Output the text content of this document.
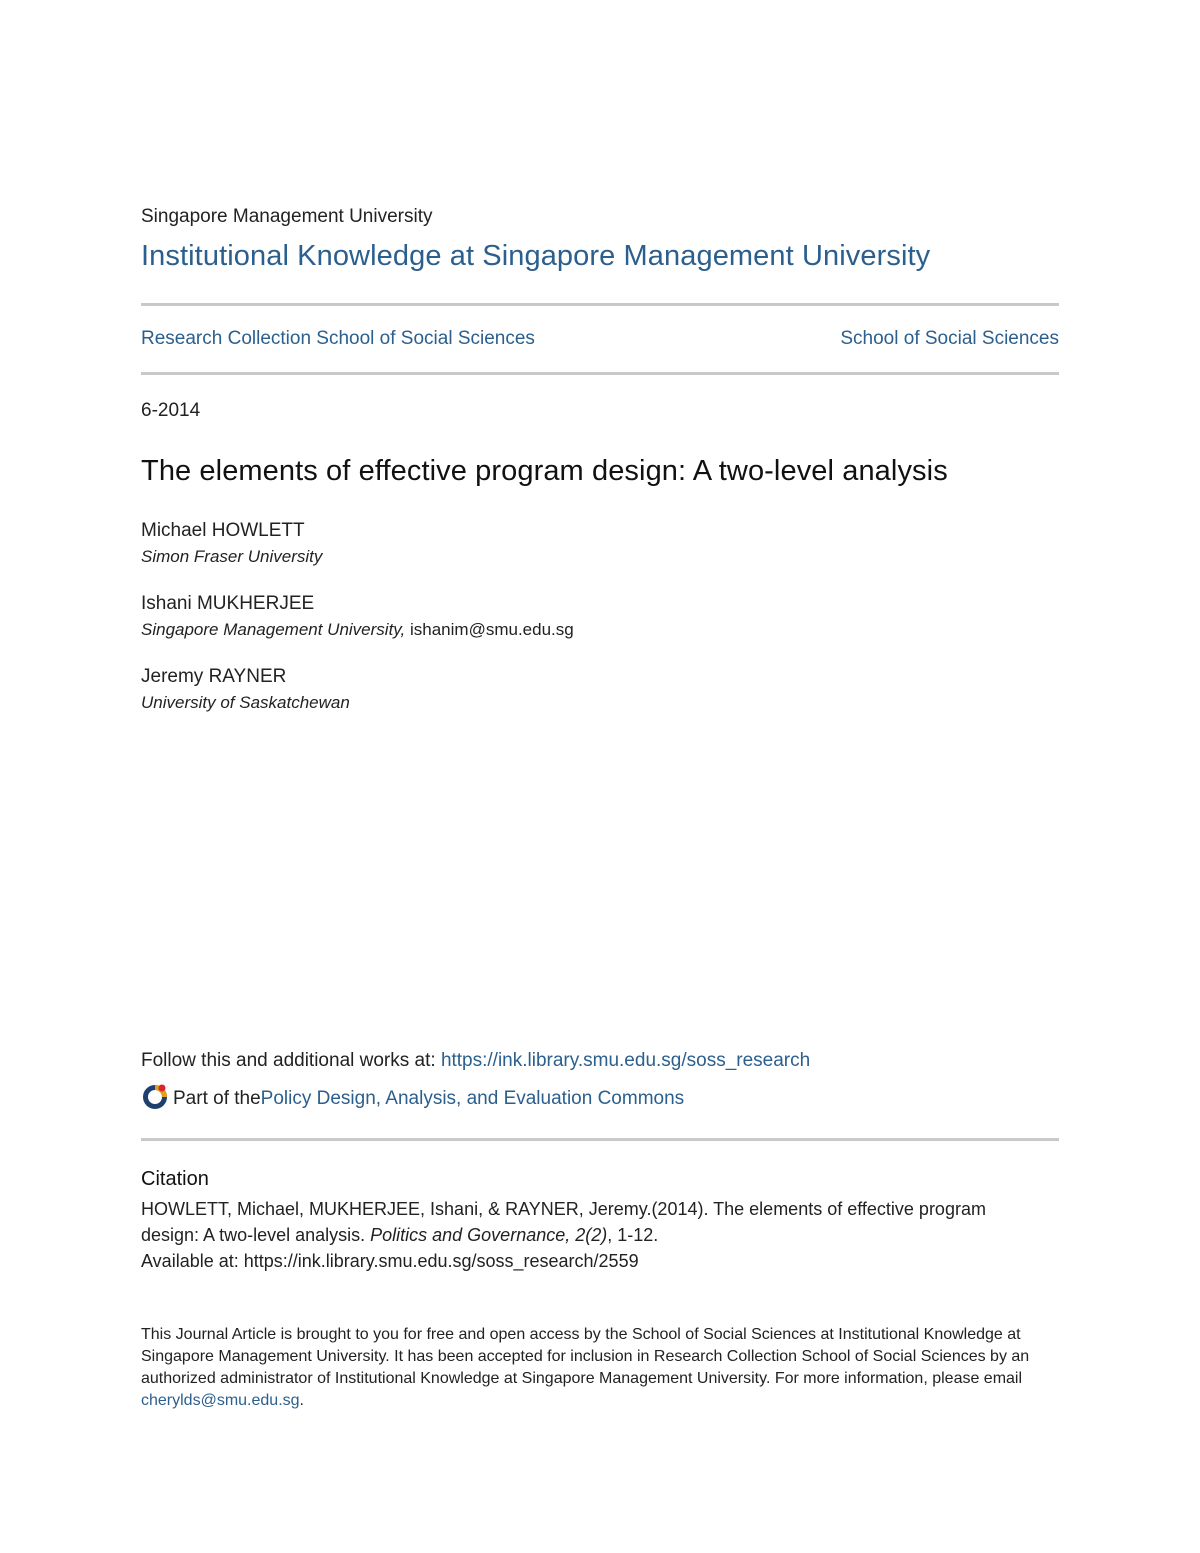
Singapore Management University
Institutional Knowledge at Singapore Management University
Research Collection School of Social Sciences	School of Social Sciences
6-2014
The elements of effective program design: A two-level analysis
Michael HOWLETT
Simon Fraser University
Ishani MUKHERJEE
Singapore Management University, ishanim@smu.edu.sg
Jeremy RAYNER
University of Saskatchewan
Follow this and additional works at: https://ink.library.smu.edu.sg/soss_research
Part of the Policy Design, Analysis, and Evaluation Commons
Citation
HOWLETT, Michael, MUKHERJEE, Ishani, & RAYNER, Jeremy.(2014). The elements of effective program design: A two-level analysis. Politics and Governance, 2(2), 1-12.
Available at: https://ink.library.smu.edu.sg/soss_research/2559
This Journal Article is brought to you for free and open access by the School of Social Sciences at Institutional Knowledge at Singapore Management University. It has been accepted for inclusion in Research Collection School of Social Sciences by an authorized administrator of Institutional Knowledge at Singapore Management University. For more information, please email cherylds@smu.edu.sg.
